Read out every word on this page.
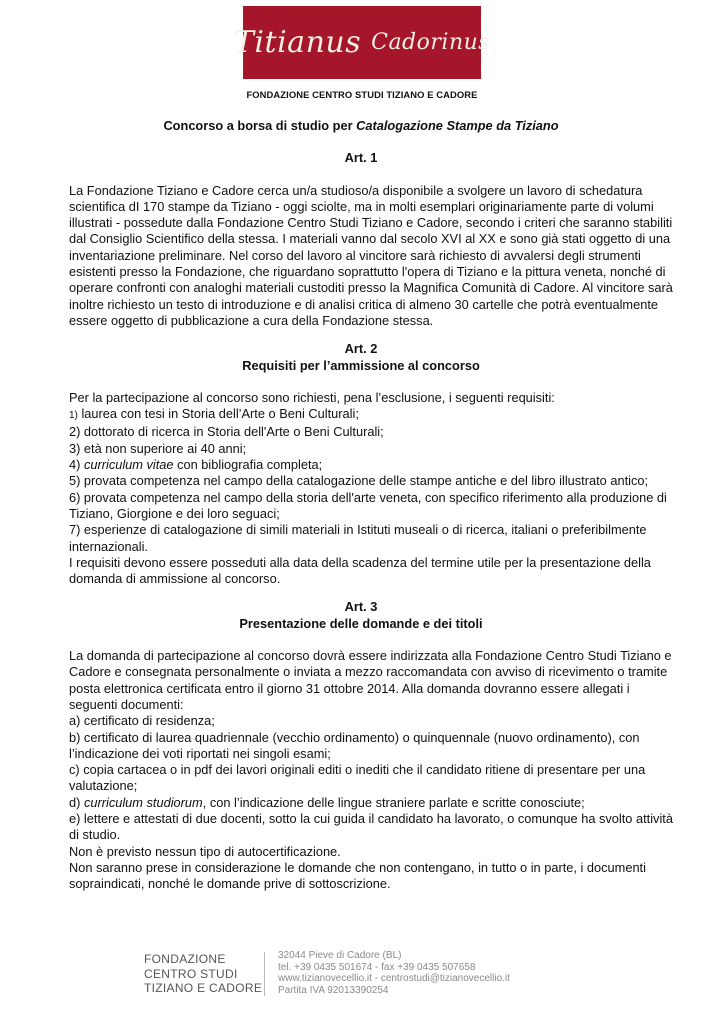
Titianus Cadorinus
FONDAZIONE CENTRO STUDI TIZIANO E CADORE

Concorso a borsa di studio per Catalogazione Stampe da Tiziano

Art. 1

La Fondazione Tiziano e Cadore cerca un/a studioso/a disponibile a svolgere un lavoro di schedatura

scientifica dI 170 stampe da Tiziano - oggi sciolte, ma in molti esemplari originariamente parte di volumi

illustrati - possedute dalla Fondazione Centro Studi Tiziano e Cadore, secondo i criteri che saranno stabiliti

dal Consiglio Scientifico della stessa. I materiali vanno dal secolo XVI al XX e sono già stati oggetto di una

inventariazione preliminare. Nel corso del lavoro al vincitore sarà richiesto di avvalersi degli strumenti

esistenti presso la Fondazione, che riguardano soprattutto l'opera di Tiziano e la pittura veneta, nonché di

operare confronti con analoghi materiali custoditi presso la Magnifica Comunità di Cadore. Al vincitore sarà

inoltre richiesto un testo di introduzione e di analisi critica di almeno 30 cartelle che potrà eventualmente

essere oggetto di pubblicazione a cura della Fondazione stessa.

Art. 2

Requisiti per l’ammissione al concorso

Per la partecipazione al concorso sono richiesti, pena l’esclusione, i seguenti requisiti:

1) laurea con tesi in Storia dell’Arte o Beni Culturali;

2) dottorato di ricerca in Storia dell'Arte o Beni Culturali;

3) età non superiore ai 40 anni;

4) curriculum vitae con bibliografia completa;

5) provata competenza nel campo della catalogazione delle stampe antiche e del libro illustrato antico;

6) provata competenza nel campo della storia dell'arte veneta, con specifico riferimento alla produzione di

Tiziano, Giorgione e dei loro seguaci;

7) esperienze di catalogazione di simili materiali in Istituti museali o di ricerca, italiani o preferibilmente

internazionali.

I requisiti devono essere posseduti alla data della scadenza del termine utile per la presentazione della

domanda di ammissione al concorso.

Art. 3

Presentazione delle domande e dei titoli

La domanda di partecipazione al concorso dovrà essere indirizzata alla Fondazione Centro Studi Tiziano e

Cadore e consegnata personalmente o inviata a mezzo raccomandata con avviso di ricevimento o tramite

posta elettronica certificata entro il giorno 31 ottobre 2014. Alla domanda dovranno essere allegati i

seguenti documenti:

a) certificato di residenza;

b) certificato di laurea quadriennale (vecchio ordinamento) o quinquennale (nuovo ordinamento), con

l’indicazione dei voti riportati nei singoli esami;

c) copia cartacea o in pdf dei lavori originali editi o inediti che il candidato ritiene di presentare per una

valutazione;

d) curriculum studiorum, con l’indicazione delle lingue straniere parlate e scritte conosciute;

e) lettere e attestati di due docenti, sotto la cui guida il candidato ha lavorato, o comunque ha svolto attività

di studio.

Non è previsto nessun tipo di autocertificazione.

Non saranno prese in considerazione le domande che non contengano, in tutto o in parte, i documenti

sopraindicati, nonché le domande prive di sottoscrizione.

FONDAZIONE
CENTRO STUDI
TIZIANO E CADORE
32044 Pieve di Cadore (BL)
tel. +39 0435 501674 - fax +39 0435 507658
www.tizianovecellio.it - centrostudi@tizianovecellio.it
Partita IVA 92013390254
